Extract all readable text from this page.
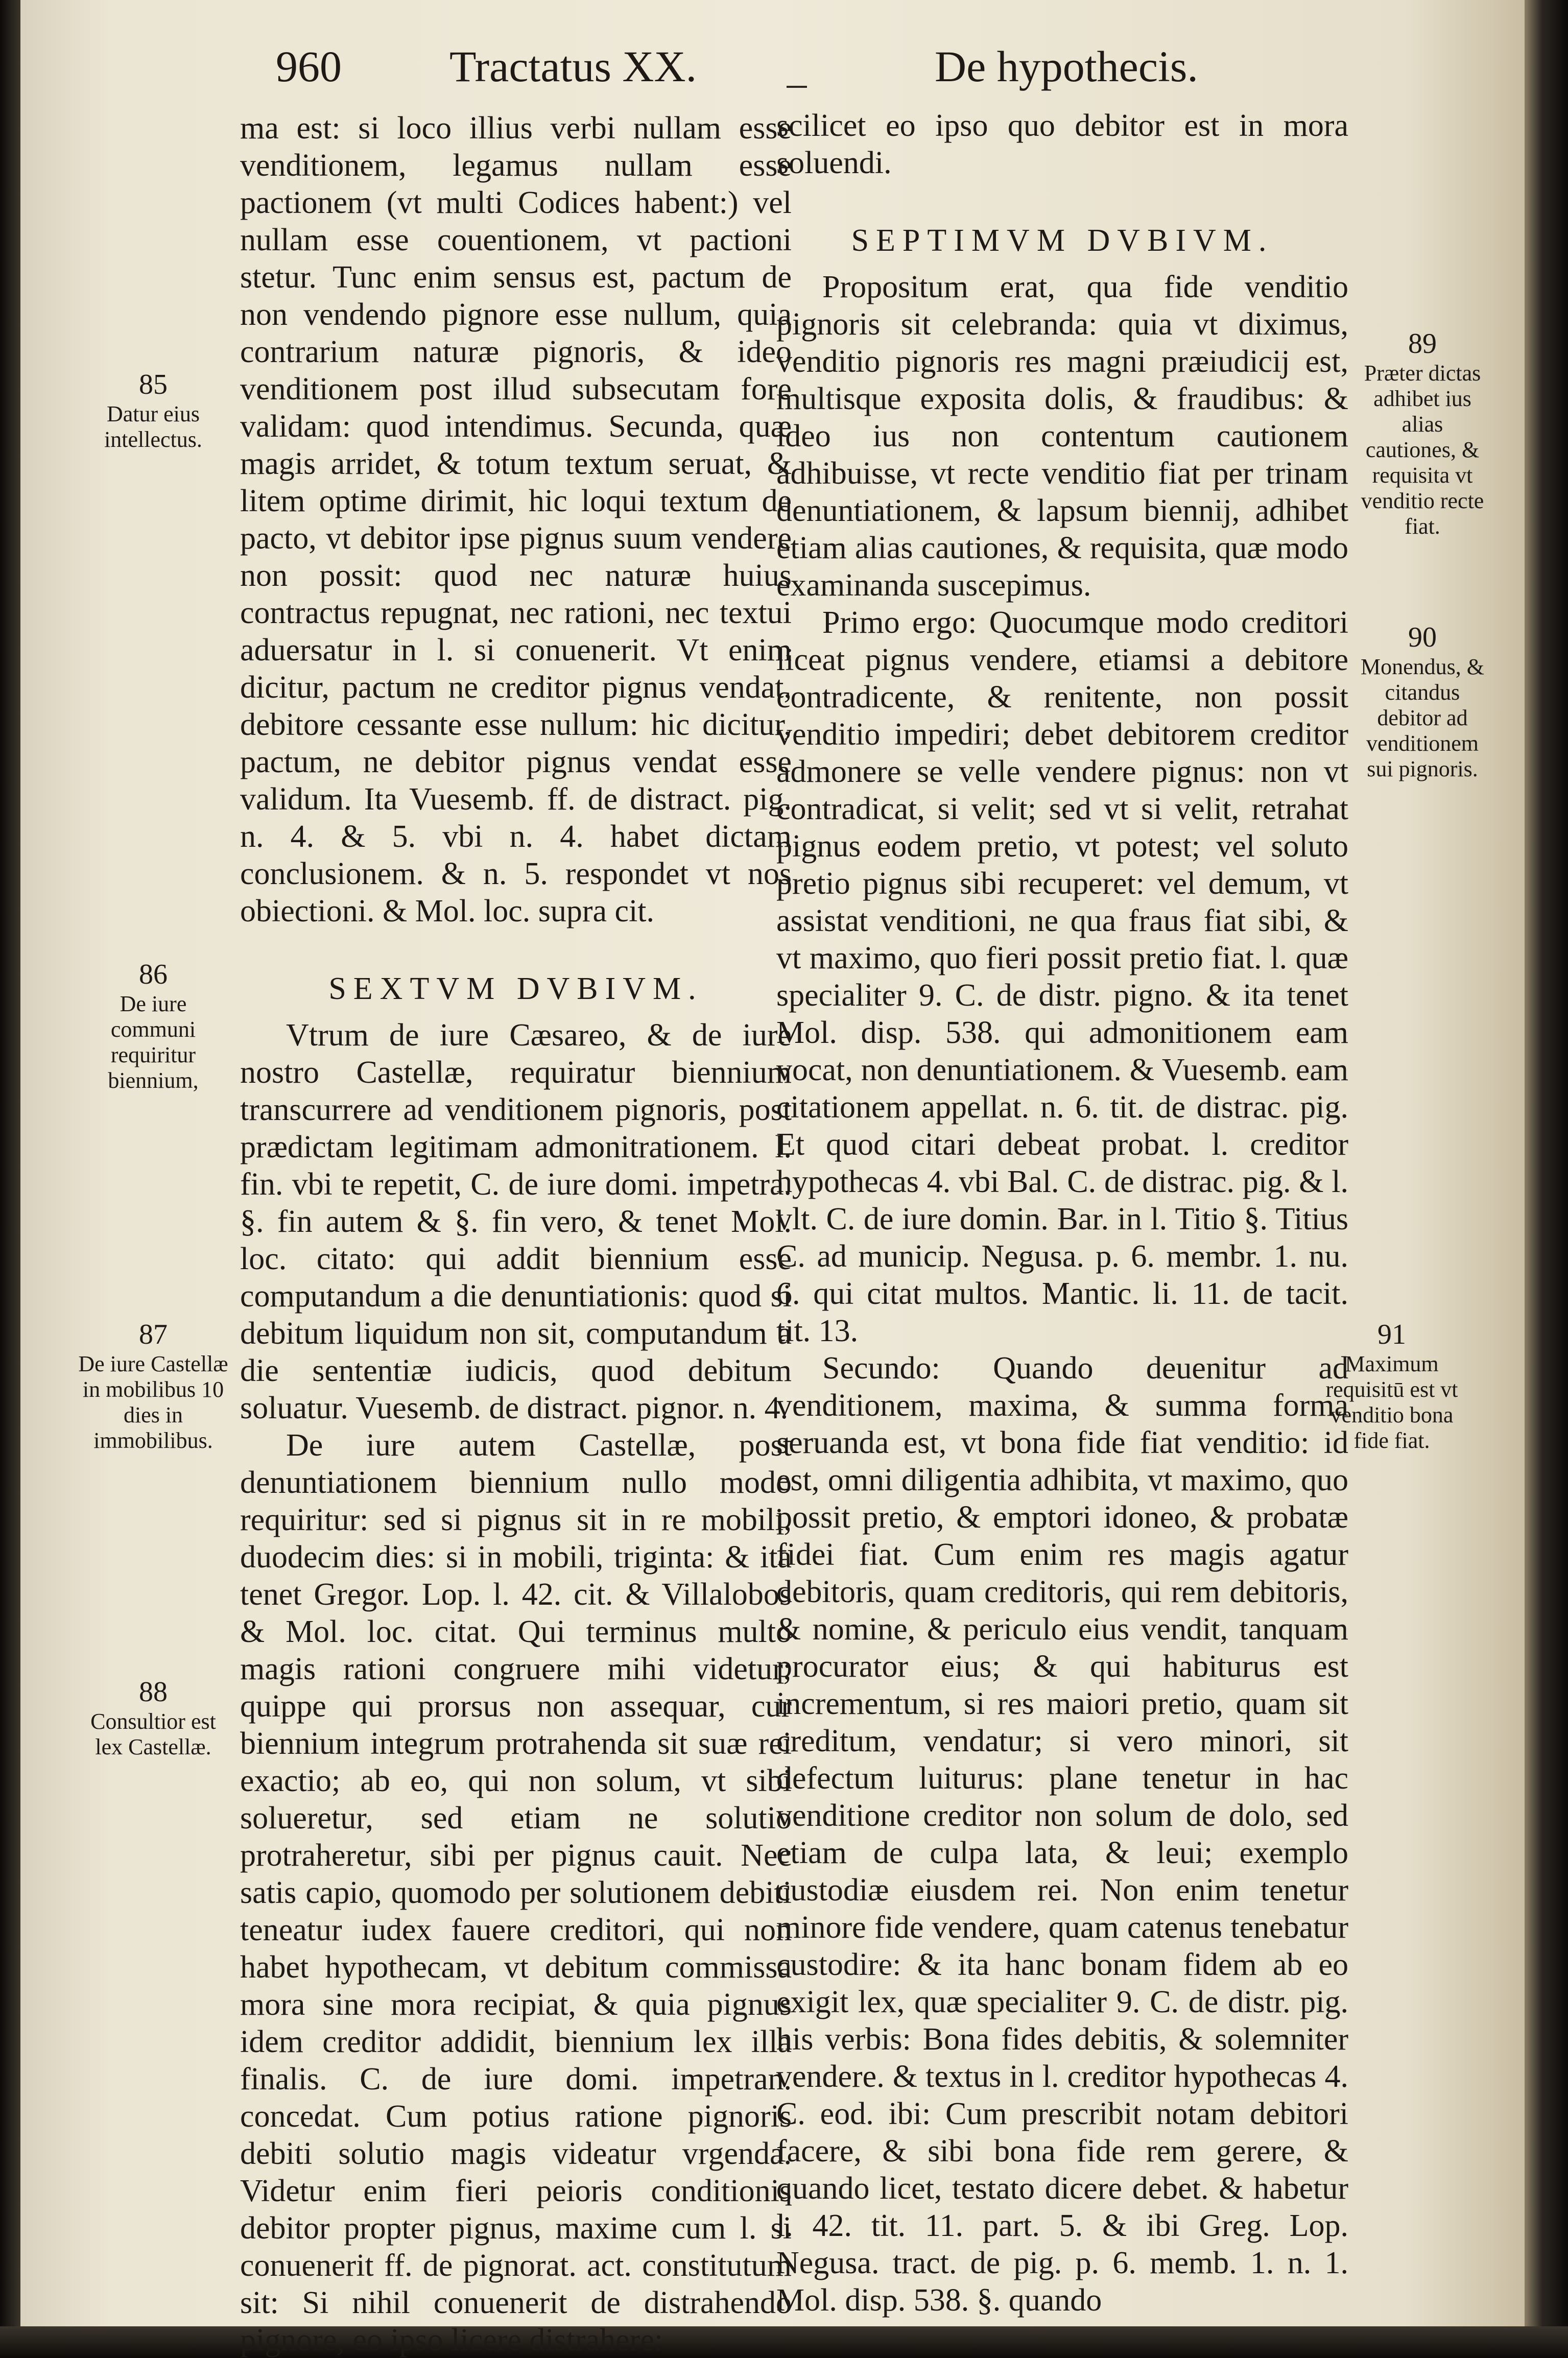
960 Tractatus XX.	De hypothecis.

ma est: si loco illius verbi nullam esse venditionem, legamus nullam esse pactionem (vt multi Codices habent:) vel nullam esse couentionem, vt pactioni stetur. Tunc enim sensus est, pactum de non vendendo pignore esse nullum, quia contrarium naturæ pignoris, & ideo venditionem post illud subsecutam fore validam: quod intendimus. Secunda, quæ magis arridet, & totum textum seruat, & litem optime dirimit, hic loqui textum de pacto, vt debitor ipse pignus suum vendere non possit: quod nec naturæ huius contractus repugnat, nec rationi, nec textui aduersatur in l. si conuenerit. Vt enim dicitur, pactum ne creditor pignus vendat, debitore cessante esse nullum: hic dicitur, pactum, ne debitor pignus vendat esse validum. Ita Vuesemb. ff. de distract. pig. n. 4. & 5. vbi n. 4. habet dictam conclusionem. & n. 5. respondet vt nos obiectioni. & Mol. loc. supra cit.

SEXTVM DVBIVM.

Vtrum de iure Cæsareo, & de iure nostro Castellæ, requiratur biennium transcurrere ad venditionem pignoris, post prædictam legitimam admonitrationem. l. fin. vbi te repetit, C. de iure domi. impetra. §. fin autem & §. fin vero, & tenet Mol. loc. citato: qui addit biennium esse computandum a die denuntiationis: quod si debitum liquidum non sit, computandum a die sententiæ iudicis, quod debitum soluatur. Vuesemb. de distract. pignor. n. 4.

De iure autem Castellæ, post denuntiationem biennium nullo modo requiritur: sed si pignus sit in re mobili, duodecim dies: si in mobili, triginta: & ita tenet Gregor. Lop. l. 42. cit. & Villalobos & Mol. loc. citat. Qui terminus multo magis rationi congruere mihi videtur; quippe qui prorsus non assequar, cur biennium integrum protrahenda sit suæ rei exactio; ab eo, qui non solum, vt sibi solueretur, sed etiam ne solutio protraheretur, sibi per pignus cauit. Nec satis capio, quomodo per solutionem debiti teneatur iudex fauere creditori, qui non habet hypothecam, vt debitum commissa mora sine mora recipiat, & quia pignus idem creditor addidit, biennium lex illa finalis. C. de iure domi. impetran. concedat. Cum potius ratione pignoris debiti solutio magis videatur vrgenda. Videtur enim fieri peioris conditionis debitor propter pignus, maxime cum l. si conuenerit ff. de pignorat. act. constitutum sit: Si nihil conuenerit de distrahendo pignore, eo ipso licere distrahere:

scilicet eo ipso quo debitor est in mora soluendi.

SEPTIMVM DVBIVM.

Propositum erat, qua fide venditio pignoris sit celebranda: quia vt diximus, venditio pignoris res magni præiudicij est, multisque exposita dolis, & fraudibus: & ideo ius non contentum cautionem adhibuisse, vt recte venditio fiat per trinam denuntiationem, & lapsum biennij, adhibet etiam alias cautiones, & requisita, quæ modo examinanda suscepimus.

Primo ergo: Quocumque modo creditori liceat pignus vendere, etiamsi a debitore contradicente, & renitente, non possit venditio impediri; debet debitorem creditor admonere se velle vendere pignus: non vt contradicat, si velit; sed vt si velit, retrahat pignus eodem pretio, vt potest; vel soluto pretio pignus sibi recuperet: vel demum, vt assistat venditioni, ne qua fraus fiat sibi, & vt maximo, quo fieri possit pretio fiat. l. quæ specialiter 9. C. de distr. pigno. & ita tenet Mol. disp. 538. qui admonitionem eam vocat, non denuntiationem. & Vuesemb. eam citationem appellat. n. 6. tit. de distrac. pig. Et quod citari debeat probat. l. creditor hypothecas 4. vbi Bal. C. de distrac. pig. & l. vlt. C. de iure domin. Bar. in l. Titio §. Titius C. ad municip. Negusa. p. 6. membr. 1. nu. 6. qui citat multos. Mantic. li. 11. de tacit. tit. 13.

Secundo: Quando deuenitur ad venditionem, maxima, & summa forma seruanda est, vt bona fide fiat venditio: id est, omni diligentia adhibita, vt maximo, quo possit pretio, & emptori idoneo, & probatæ fidei fiat. Cum enim res magis agatur debitoris, quam creditoris, qui rem debitoris, & nomine, & periculo eius vendit, tanquam procurator eius; & qui habiturus est incrementum, si res maiori pretio, quam sit creditum, vendatur; si vero minori, sit defectum luiturus: plane tenetur in hac venditione creditor non solum de dolo, sed etiam de culpa lata, & leui; exemplo custodiæ eiusdem rei. Non enim tenetur minore fide vendere, quam catenus tenebatur custodire: & ita hanc bonam fidem ab eo exigit lex, quæ specialiter 9. C. de distr. pig. his verbis: Bona fides debitis, & solemniter vendere. & textus in l. creditor hypothecas 4. C. eod. ibi: Cum prescribit notam debitori facere, & sibi bona fide rem gerere, & quando licet, testato dicere debet. & habetur l. 42. tit. 11. part. 5. & ibi Greg. Lop. Negusa. tract. de pig. p. 6. memb. 1. n. 1. Mol. disp. 538. §. quando

85
Datur eius intellectus.
86
De iure communi requiritur biennium,
87
De iure Castellæ in mobilibus 10 dies in immobilibus.
88
Consultior est lex Castellæ.
89
Præter dictas adhibet ius alias cautiones, & requisita vt venditio recte fiat.
90
Monendus, & citandus debitor ad venditionem sui pignoris.
91
Maximum requisitū est vt venditio bona fide fiat.
